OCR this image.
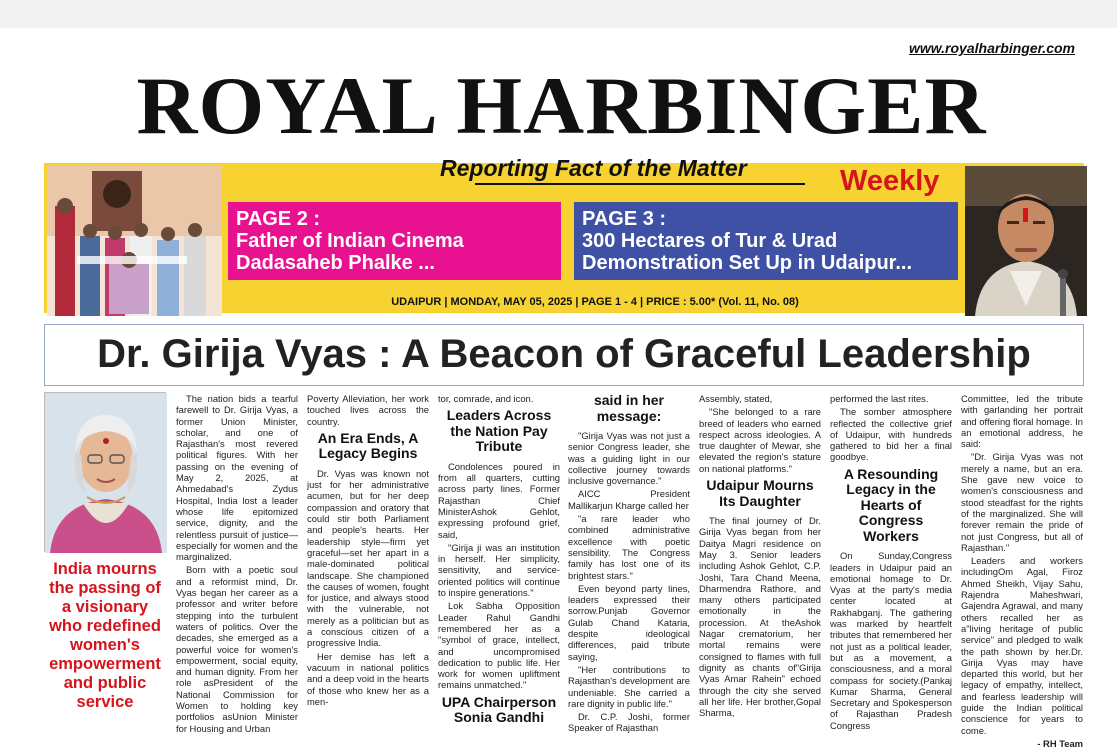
www.royalharbinger.com
ROYAL HARBINGER
Reporting Fact of the Matter	Weekly
PAGE 2 :
Father of Indian Cinema
Dadasaheb Phalke ...
PAGE 3 :
300 Hectares of Tur & Urad
Demonstration Set Up in Udaipur...
UDAIPUR | MONDAY, MAY 05, 2025 | PAGE 1 - 4 | PRICE : 5.00* (Vol. 11, No. 08)
Dr. Girija Vyas : A Beacon of Graceful Leadership
India mourns the passing of a visionary who redefined women's empowerment and public service

The nation bids a tearful farewell to Dr. Girija Vyas, a former Union Minister, scholar, and one of Rajasthan's most revered political figures. With her passing on the evening of May 2, 2025, at Ahmedabad's Zydus Hospital, India lost a leader whose life epitomized service, dignity, and the relentless pursuit of justice—especially for women and the marginalized.

Born with a poetic soul and a reformist mind, Dr. Vyas began her career as a professor and writer before stepping into the turbulent waters of politics. Over the decades, she emerged as a powerful voice for women's empowerment, social equity, and human dignity. From her role asPresident of the National Commission for Women to holding key portfolios asUnion Minister for Housing and Urban

Poverty Alleviation, her work touched lives across the country.

An Era Ends, A Legacy Begins

Dr. Vyas was known not just for her administrative acumen, but for her deep compassion and oratory that could stir both Parliament and people's hearts. Her leadership style—firm yet graceful—set her apart in a male-dominated political landscape. She championed the causes of women, fought for justice, and always stood with the vulnerable, not merely as a politician but as a conscious citizen of a progressive India.

Her demise has left a vacuum in national politics and a deep void in the hearts of those who knew her as a men-

tor, comrade, and icon.

Leaders Across the Nation Pay Tribute

Condolences poured in from all quarters, cutting across party lines. Former Rajasthan Chief MinisterAshok Gehlot, expressing profound grief, said,

"Girija ji was an institution in herself. Her simplicity, sensitivity, and service-oriented politics will continue to inspire generations."

Lok Sabha Opposition Leader Rahul Gandhi remembered her as a "symbol of grace, intellect, and uncompromised dedication to public life. Her work for women upliftment remains unmatched."

UPA Chairperson Sonia Gandhi
said in her message:

"Girija Vyas was not just a senior Congress leader, she was a guiding light in our collective journey towards inclusive governance."

AICC President Mallikarjun Kharge called her

"a rare leader who combined administrative excellence with poetic sensibility. The Congress family has lost one of its brightest stars."

Even beyond party lines, leaders expressed their sorrow.Punjab Governor Gulab Chand Kataria, despite ideological differences, paid tribute saying,

"Her contributions to Rajasthan's development are undeniable. She carried a rare dignity in public life."

Dr. C.P. Joshi, former Speaker of Rajasthan

Assembly, stated,

"She belonged to a rare breed of leaders who earned respect across ideologies. A true daughter of Mewar, she elevated the region's stature on national platforms."

Udaipur Mourns Its Daughter

The final journey of Dr. Girija Vyas began from her Daitya Magri residence on May 3. Senior leaders including Ashok Gehlot, C.P. Joshi, Tara Chand Meena, Dharmendra Rathore, and many others participated emotionally in the procession. At theAshok Nagar crematorium, her mortal remains were consigned to flames with full dignity as chants of"Girija Vyas Amar Rahein" echoed through the city she served all her life. Her brother,Gopal Sharma,

performed the last rites.

The somber atmosphere reflected the collective grief of Udaipur, with hundreds gathered to bid her a final goodbye.

A Resounding Legacy in the Hearts of Congress Workers

On Sunday,Congress leaders in Udaipur paid an emotional homage to Dr. Vyas at the party's media center located at Rakhabganj. The gathering was marked by heartfelt tributes that remembered her not just as a political leader, but as a movement, a consciousness, and a moral compass for society.(Pankaj Kumar Sharma, General Secretary and Spokesperson of Rajasthan Pradesh Congress

Committee, led the tribute with garlanding her portrait and offering floral homage. In an emotional address, he said:

"Dr. Girija Vyas was not merely a name, but an era. She gave new voice to women's consciousness and stood steadfast for the rights of the marginalized. She will forever remain the pride of not just Congress, but all of Rajasthan."

Leaders and workers includingOm Agal, Firoz Ahmed Sheikh, Vijay Sahu, Rajendra Maheshwari, Gajendra Agrawal, and many others recalled her as a"living heritage of public service" and pledged to walk the path shown by her.Dr. Girija Vyas may have departed this world, but her legacy of empathy, intellect, and fearless leadership will guide the Indian political conscience for years to come.

- RH Team
